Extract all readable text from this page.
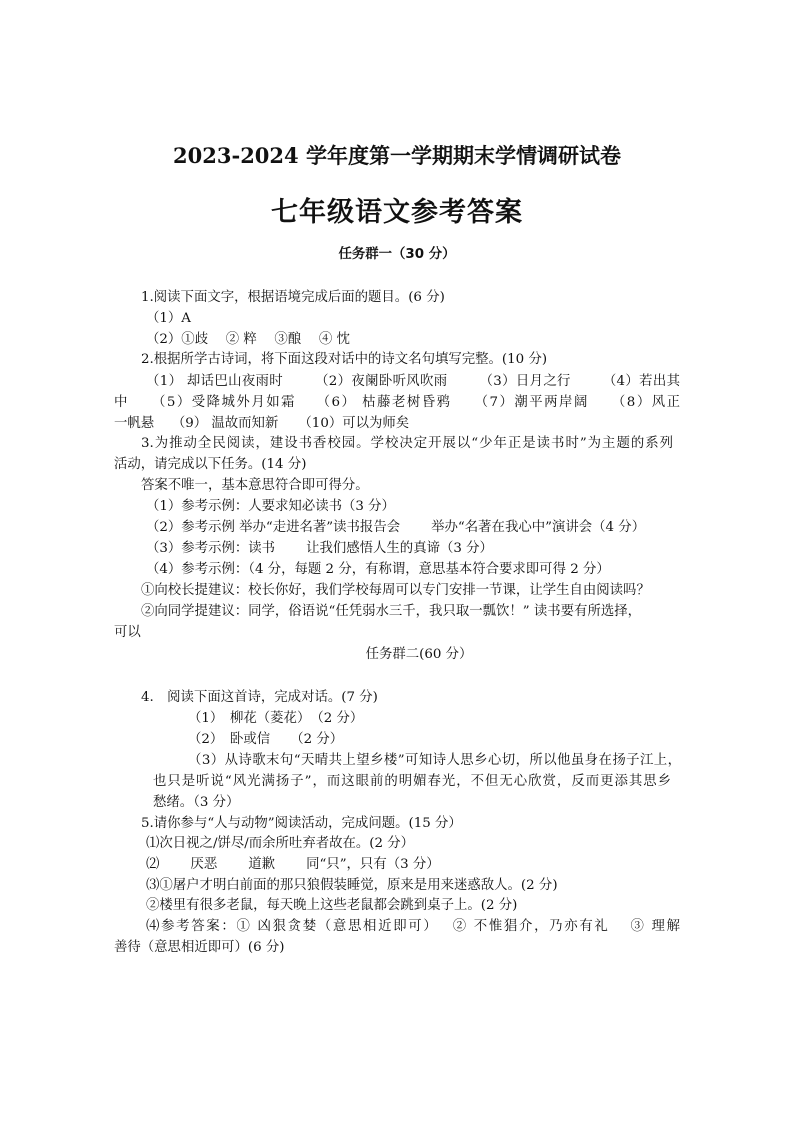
2023-2024 学年度第一学期期末学情调研试卷
七年级语文参考答案
任务群一（30 分）
1.阅读下面文字，根据语境完成后面的题目。(6 分)
（1）A
（2）①歧　 ② 粹　 ③酿　 ④ 忱
2.根据所学古诗词，将下面这段对话中的诗文名句填写完整。(10 分)
（1） 却话巴山夜雨时　　 （2）夜阑卧听风吹雨　　 （3）日月之行　　 （4）若出其
中　　（5）受降城外月如霜　 （6） 枯藤老树昏鸦　　（7）潮平两岸阔　　（8）风正
一帆悬　 （9） 温故而知新　　（10）可以为师矣
3.为推动全民阅读，建设书香校园。学校决定开展以“少年正是读书时”为主题的系列
活动，请完成以下任务。(14 分)
答案不唯一，基本意思符合即可得分。
（1）参考示例：人要求知必读书（3 分）
（2）参考示例 举办“走进名著”读书报告会　　 举办“名著在我心中”演讲会（4 分）
（3）参考示例：读书　　 让我们感悟人生的真谛（3 分）
（4）参考示例：（4 分，每题 2 分，有称谓，意思基本符合要求即可得 2 分）
①向校长提建议：校长你好，我们学校每周可以专门安排一节课，让学生自由阅读吗？
②向同学提建议：同学，俗语说“任凭弱水三千，我只取一瓢饮！” 读书要有所选择，
可以
任务群二(60 分）
4.　阅读下面这首诗，完成对话。(7 分)
（1）　柳花（菱花）　（2 分）
（2）　卧或信　　（2 分）
（3）从诗歌末句“天晴共上望乡楼”可知诗人思乡心切，所以他虽身在扬子江上，
也只是听说“风光满扬子”，而这眼前的明媚春光，不但无心欣赏，反而更添其思乡
愁绪。（3 分）
5.请你参与“人与动物”阅读活动，完成问题。(15 分）
⑴次日视之/饼尽/而余所吐弃者故在。(2 分）
⑵　　 厌恶　　 道歉　　 同“只”，只有（3 分）
⑶①屠户才明白前面的那只狼假装睡觉，原来是用来迷惑敌人。(2 分)
②楼里有很多老鼠，每天晚上这些老鼠都会跳到桌子上。(2 分)
⑷参考答案：① 凶狠贪婪（意思相近即可）　 ② 不惟猖介，乃亦有礼　 ③ 理解
善待（意思相近即可）(6 分)
